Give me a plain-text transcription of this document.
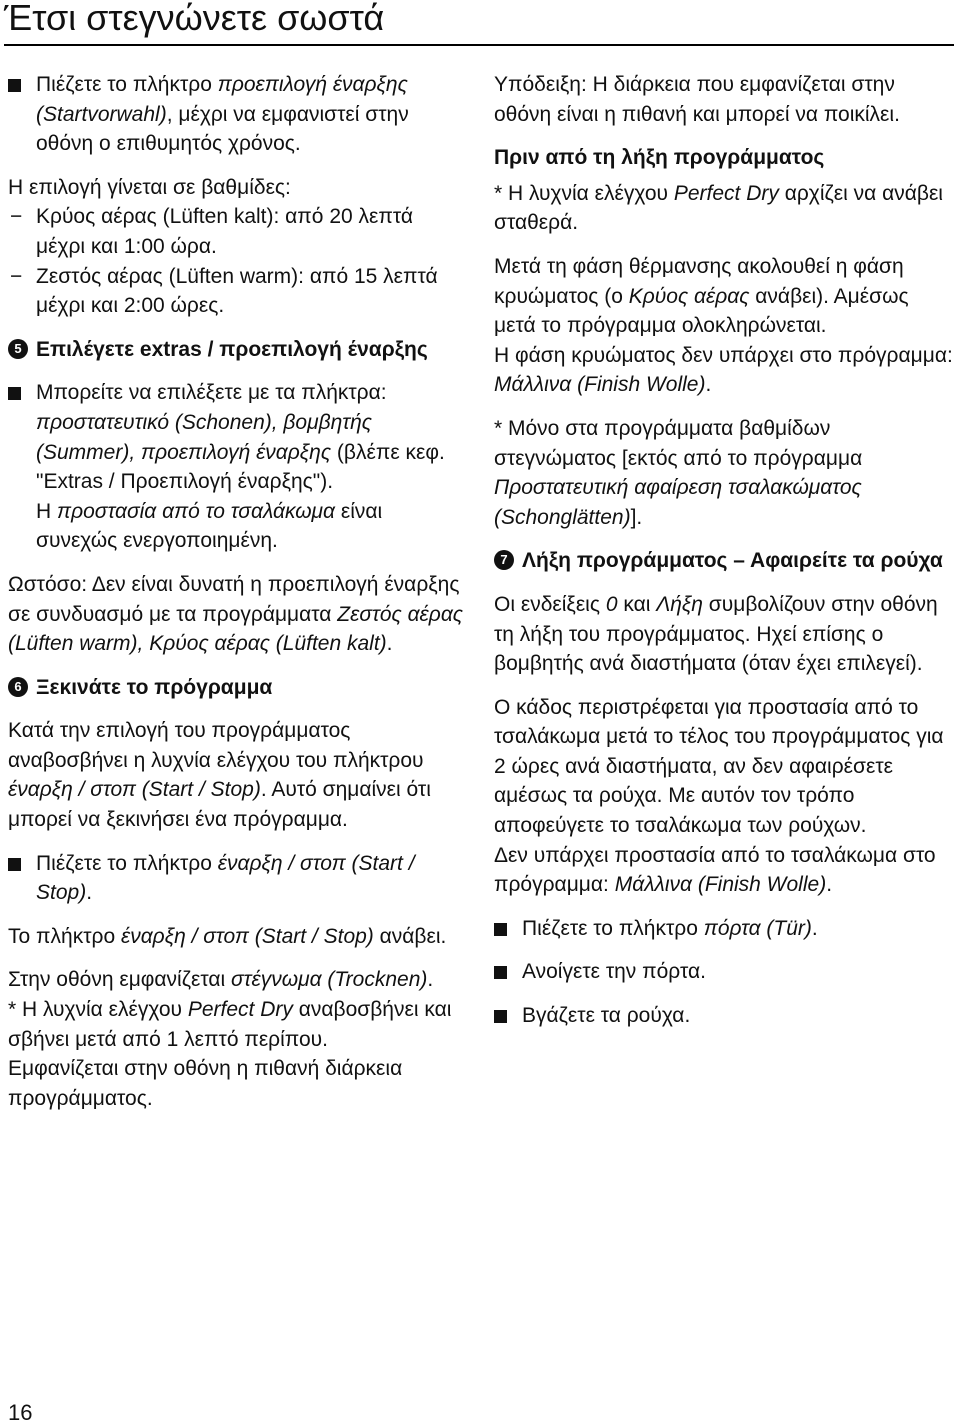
Έτσι στεγνώνετε σωστά
Πιέζετε το πλήκτρο προεπιλογή έναρξης (Startvorwahl), μέχρι να εμφανιστεί στην οθόνη ο επιθυμητός χρόνος.
Η επιλογή γίνεται σε βαθμίδες:
− Κρύος αέρας (Lüften kalt): από 20 λεπτά μέχρι και 1:00 ώρα.
− Ζεστός αέρας (Lüften warm): από 15 λεπτά μέχρι και 2:00 ώρες.
5 Επιλέγετε extras / προεπιλογή έναρξης
Μπορείτε να επιλέξετε με τα πλήκτρα: προστατευτικό (Schonen), βομβητής (Summer), προεπιλογή έναρξης (βλέπε κεφ. "Extras / Προεπιλογή έναρξης").
Η προστασία από το τσαλάκωμα είναι συνεχώς ενεργοποιημένη.
Ωστόσο: Δεν είναι δυνατή η προεπιλογή έναρξης σε συνδυασμό με τα προγράμματα Ζεστός αέρας (Lüften warm), Κρύος αέρας (Lüften kalt).
6 Ξεκινάτε το πρόγραμμα
Κατά την επιλογή του προγράμματος αναβοσβήνει η λυχνία ελέγχου του πλήκτρου έναρξη / στοπ (Start / Stop). Αυτό σημαίνει ότι μπορεί να ξεκινήσει ένα πρόγραμμα.
Πιέζετε το πλήκτρο έναρξη / στοπ (Start / Stop).
Το πλήκτρο έναρξη / στοπ (Start / Stop) ανάβει.
Στην οθόνη εμφανίζεται στέγνωμα (Trocknen).
* Η λυχνία ελέγχου Perfect Dry αναβοσβήνει και σβήνει μετά από 1 λεπτό περίπου.
Εμφανίζεται στην οθόνη η πιθανή διάρκεια προγράμματος.
Υπόδειξη: Η διάρκεια που εμφανίζεται στην οθόνη είναι η πιθανή και μπορεί να ποικίλει.
Πριν από τη λήξη προγράμματος
* Η λυχνία ελέγχου Perfect Dry αρχίζει να ανάβει σταθερά.
Μετά τη φάση θέρμανσης ακολουθεί η φάση κρυώματος (ο Κρύος αέρας ανάβει). Αμέσως μετά το πρόγραμμα ολοκληρώνεται.
Η φάση κρυώματος δεν υπάρχει στο πρόγραμμα: Μάλλινα (Finish Wolle).
* Μόνο στα προγράμματα βαθμίδων στεγνώματος [εκτός από το πρόγραμμα Προστατευτική αφαίρεση τσαλακώματος (Schonglätten)].
7 Λήξη προγράμματος – Αφαιρείτε τα ρούχα
Οι ενδείξεις 0 και Λήξη συμβολίζουν στην οθόνη τη λήξη του προγράμματος. Ηχεί επίσης ο βομβητής ανά διαστήματα (όταν έχει επιλεγεί).
Ο κάδος περιστρέφεται για προστασία από το τσαλάκωμα μετά το τέλος του προγράμματος για 2 ώρες ανά διαστήματα, αν δεν αφαιρέσετε αμέσως τα ρούχα. Με αυτόν τον τρόπο αποφεύγετε το τσαλάκωμα των ρούχων.
Δεν υπάρχει προστασία από το τσαλάκωμα στο πρόγραμμα: Μάλλινα (Finish Wolle).
Πιέζετε το πλήκτρο πόρτα (Tür).
Ανοίγετε την πόρτα.
Βγάζετε τα ρούχα.
16
